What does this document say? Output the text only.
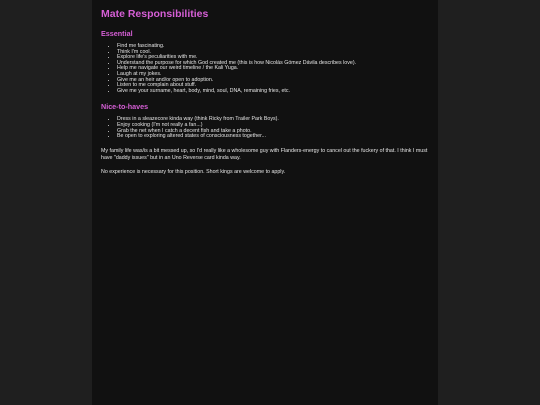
Mate Responsibilities
Essential
• Find me fascinating.
• Think I'm cool.
• Explore life's peculiarities with me.
• Understand the purpose for which God created me (this is how Nicolás Gómez Dávila describes love).
• Help me navigate our weird timeline / the Kali Yuga.
• Laugh at my jokes.
• Give me an heir and/or open to adoption.
• Listen to me complain about stuff.
• Give me your surname, heart, body, mind, soul, DNA, remaining fries, etc.
Nice-to-haves
• Dress in a sleazecore kinda way (think Ricky from Trailer Park Boys).
• Enjoy cooking (I'm not really a fan...)
• Grab the net when I catch a decent fish and take a photo.
• Be open to exploring altered states of consciousness together...

My family life was/is a bit messed up, so I'd really like a wholesome guy with Flanders-energy to cancel out the fuckery of that. I think I must have "daddy issues" but in an Uno Reverse card kinda way.

No experience is necessary for this position. Short kings are welcome to apply.
